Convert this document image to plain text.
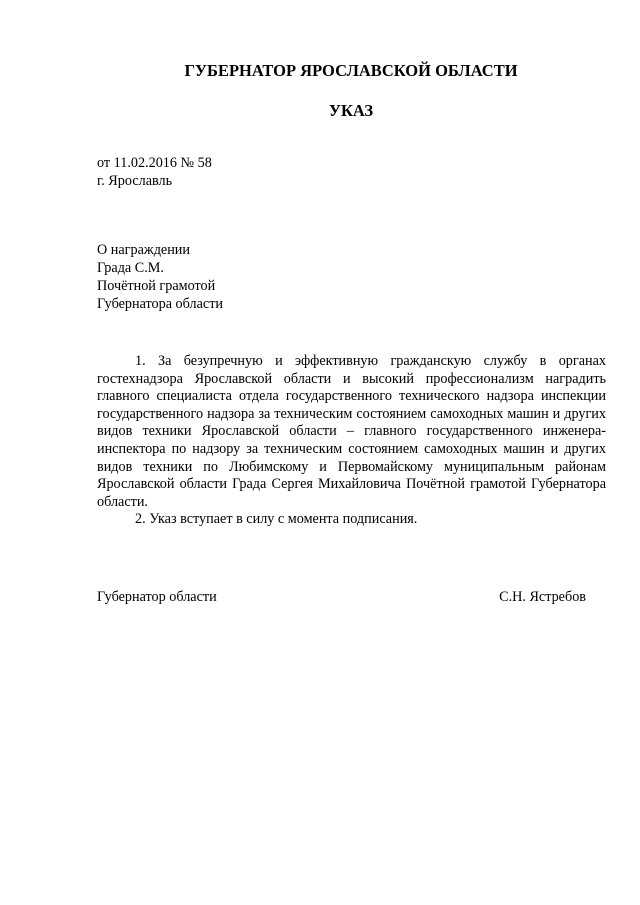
ГУБЕРНАТОР ЯРОСЛАВСКОЙ ОБЛАСТИ
УКАЗ

от 11.02.2016 № 58

г. Ярославль

О награждении

Града С.М.

Почётной грамотой

Губернатора области

1. За безупречную и эффективную гражданскую службу в органах гостехнадзора Ярославской области и высокий профессионализм наградить главного специалиста отдела государственного технического надзора инспекции государственного надзора за техническим состоянием самоходных машин и других видов техники Ярославской области – главного государственного инженера-инспектора по надзору за техническим состоянием самоходных машин и других видов техники по Любимскому и Первомайскому муниципальным районам Ярославской области Града Сергея Михайловича Почётной грамотой Губернатора области.

2. Указ вступает в силу с момента подписания.

Губернатор области	С.Н. Ястребов
